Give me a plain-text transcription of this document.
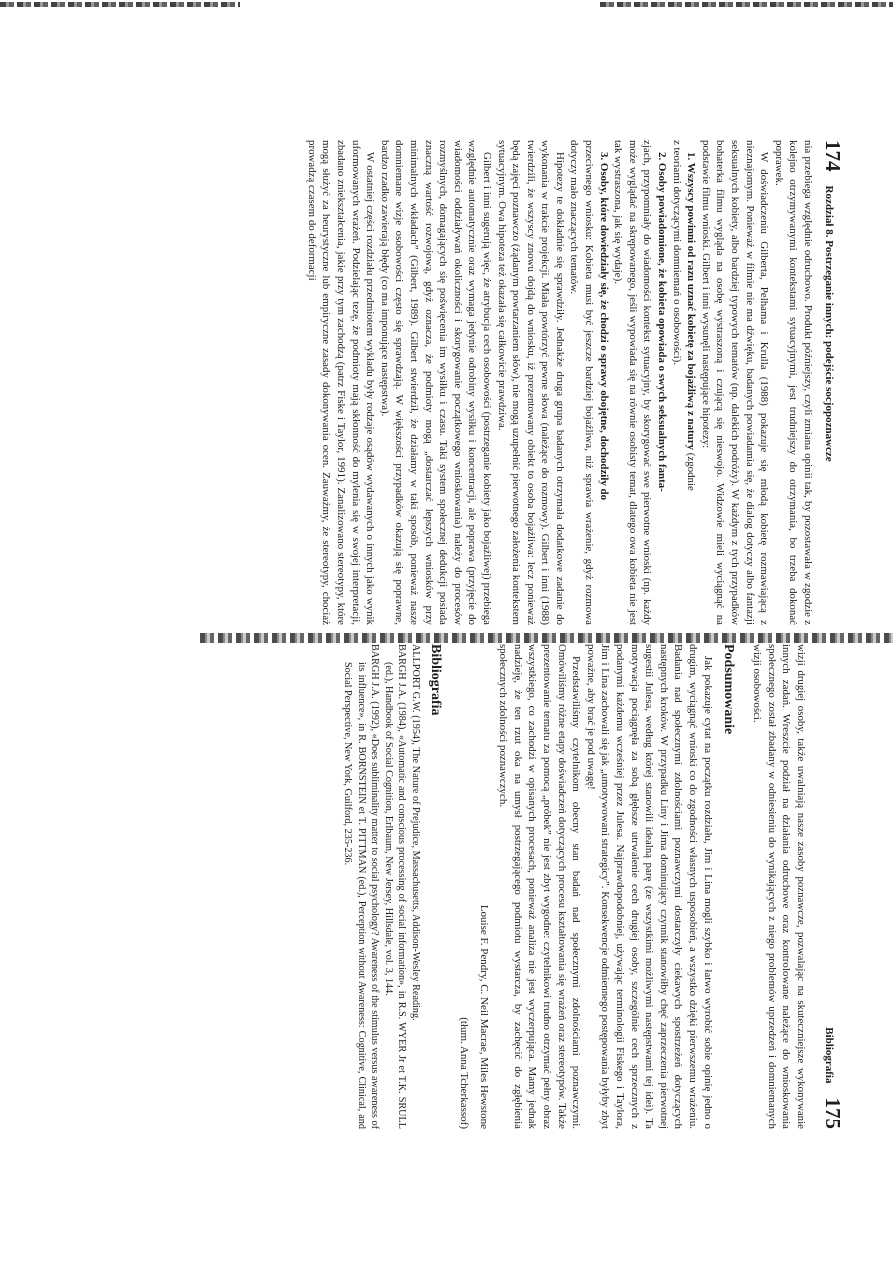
174
Rozdział 8. Postrzeganie innych: podejście socjopoznawcze

nia przebiega względnie odruchowo. Produkt późniejszy, czyli zmiana opinii tak, by pozostawała w zgodzie z kolejno otrzymywanymi kontekstami sytuacyjnymi, jest trudniejszy do otrzymania, bo trzeba dokonać poprawek.

W doświadczeniu Gilberta, Pelhama i Krulla (1988) pokazuje się młodą kobietę rozmawiającą z nieznajomym. Ponieważ w filmie nie ma dźwięku, badanych powiadamia się, że dialog dotyczy albo fantazji seksualnych kobiety, albo bardziej typowych tematów (np. dalekich podróży). W każdym z tych przypadków bohaterka filmu wygląda na osobę wystraszoną i czującą się nieswojo. Widzowie mieli wyciągnąć na podstawie filmu wnioski. Gilbert i inni wysunęli następujące hipotezy:

1. Wszyscy powinni od razu uznać kobietę za bojaźliwą z natury (zgodnie

z teoriami dotyczącymi domniemań o osobowości).

2. Osoby powiadomione, że kobieta opowiada o swych seksualnych fanta-

zjach, przypomniały do wiadomości kontekst sytuacyjny, by skorygować swe pierwotne wnioski (np. każdy może wyglądać na skrępowanego, jeśli wypowiada się na równie osobisty temat, dlatego owa kobieta nie jest tak wystraszona, jak się wydaje).

3. Osoby, które dowiedziały się, że chodzi o sprawy obojętne, dochodziły do

przeciwnego wniosku: Kobieta musi być jeszcze bardziej bojaźliwa, niż sprawia wrażenie, gdyż rozmowa dotyczy mało znaczących tematów.

Hipotezy te dokładnie się sprawdziły. Jednakże druga grupa badanych otrzymała dodatkowe zadanie do wykonania w trakcie projekcji. Miała powtórzyć pewne słowa (należące do rozmowy). Gilbert i inni (1988) twierdzili, że wszyscy znowu dojdą do wniosku, iż prezentowany obiekt to osoba bojaźliwa: lecz ponieważ będą zajęci poznawczo (żądanym powtarzaniem słów), nie mogą uzupełnić pierwotnego założenia kontekstem sytuacyjnym. Owa hipoteza też okazała się całkowicie prawdziwa.

Gilbert i inni sugerują więc, że atrybucja cech osobowości (postrzeganie kobiety jako bojaźliwej) przebiega względnie automatycznie oraz wymaga jedynie odrobiny wysiłku i koncentracji, ale poprawa (przyjęcie do wiadomości oddziaływań okoliczności i skorygowanie początkowego wnioskowania) należy do procesów rozmyślnych, domagających się poświęcenia im wysiłku i czasu. Taki system społecznej dedukcji posiada znaczną wartość rozwojową, gdyż oznacza, że podmioty mogą „dostarczać lepszych wniosków przy minimalnych wkładach” (Gilbert, 1989). Gilbert stwierdził, że działamy w taki sposób, ponieważ nasze domniemane wizje osobowości często się sprawdzają. W większości przypadków okazują się poprawne, bardzo rzadko zawierają błędy (co ma imponujące następstwa).

W ostatniej części rozdziału przedmiotem wykładu były rodzaje osądów wydawanych o innych jako wynik uformowanych wrażeń. Podzielając tezę, że podmioty mają skłonność do mylenia się w swojej interpretacji, zbadano zniekształcenia, jakie przy tym zachodzą (patrz Fiske i Taylor, 1991). Zanalizowano stereotypy, które mogą służyć za heurystyczne lub empiryczne zasady dokonywania ocen. Zauważmy, że stereotypy, chociaż prowadzą czasem do deformacji

Bibliografia
175

wizji drugiej osoby, także uwalniają nasze zasoby poznawcze, pozwalając na skuteczniejsze wykonywanie innych zadań. Wreszcie podział na działania odruchowe oraz kontrolowane należące do wnioskowania społecznego został zbadany w odniesieniu do wynikających z niego problemów uprzedzeń i domniemanych wizji osobowości.

Podsumowanie

Jak pokazuje cytat na początku rozdziału, Jim i Lina mogli szybko i łatwo wyrobić sobie opinię jedno o drugim, wyciągnąć wnioski co do zgodności własnych usposobień, a wszystko dzięki pierwszemu wrażeniu. Badania nad społecznymi zdolnościami poznawczymi dostarczyły ciekawych spostrzeżeń dotyczących następnych kroków. W przypadku Liny i Jima dominujący czynnik stanowiłby chęć zaprzeczenia pierwotnej sugestii Julesa, według której stanowili idealną parę (ze wszystkimi możliwymi następstwami tej idei). Ta motywacja pociągnęła za sobą głębsze utrwalenie cech drugiej osoby, szczególnie cech sprzecznych z podanymi każdemu wcześniej przez Julesa. Najprawdopodobniej, używając terminologii Fiskego i Taylora, Jim i Lina zachowali się jak „umotywowani strategicy”. Konsekwencje odmiennego postępowania byłyby zbyt poważne, aby brać je pod uwagę!

Przedstawiliśmy czytelnikom obecny stan badań nad społecznymi zdolnościami poznawczymi. Omówiliśmy różne etapy doświadczeń dotyczących procesu kształtowania się wrażeń oraz stereotypów. Także prezentowanie tematu za pomocą „próbek” nie jest zbyt wygodne: czytelnikowi trudno otrzymać pełny obraz wszystkiego, co zachodzi w opisanych procesach, ponieważ analiza nie jest wyczerpująca. Mamy jednak nadzieję, że ten rzut oka na umysł postrzegającego podmiotu wystarcza, by zachęcić do zgłębienia społecznych zdolności poznawczych.

Louise F. Pendry, C. Neil Macrae, Miles Hewstone

(tłum. Anna Tcherkassof)

Bibliografia

ALLPORT G.W. (1954), The Nature of Prejudice, Massachusetts, Addison-Wesley Reading.

BARGH J.A. (1984), «Automatic and conscious processing of social information», in R.S. WYER Jr et T.K. SRULL (ed.), Handbook of Social Cognition, Erlbaum, New Jersey, Hillsdale, vol. 3, 144.

BARGH J.A. (1992), «Does subliminality matter to social psychology? Awareness of the stimulus versus awareness of its influence», in R. BORNSTEIN et T. PITTMAN (ed.), Perception without Awareness: Cognitive, Clinical, and Social Perspective, New York, Guilford, 235-236.
